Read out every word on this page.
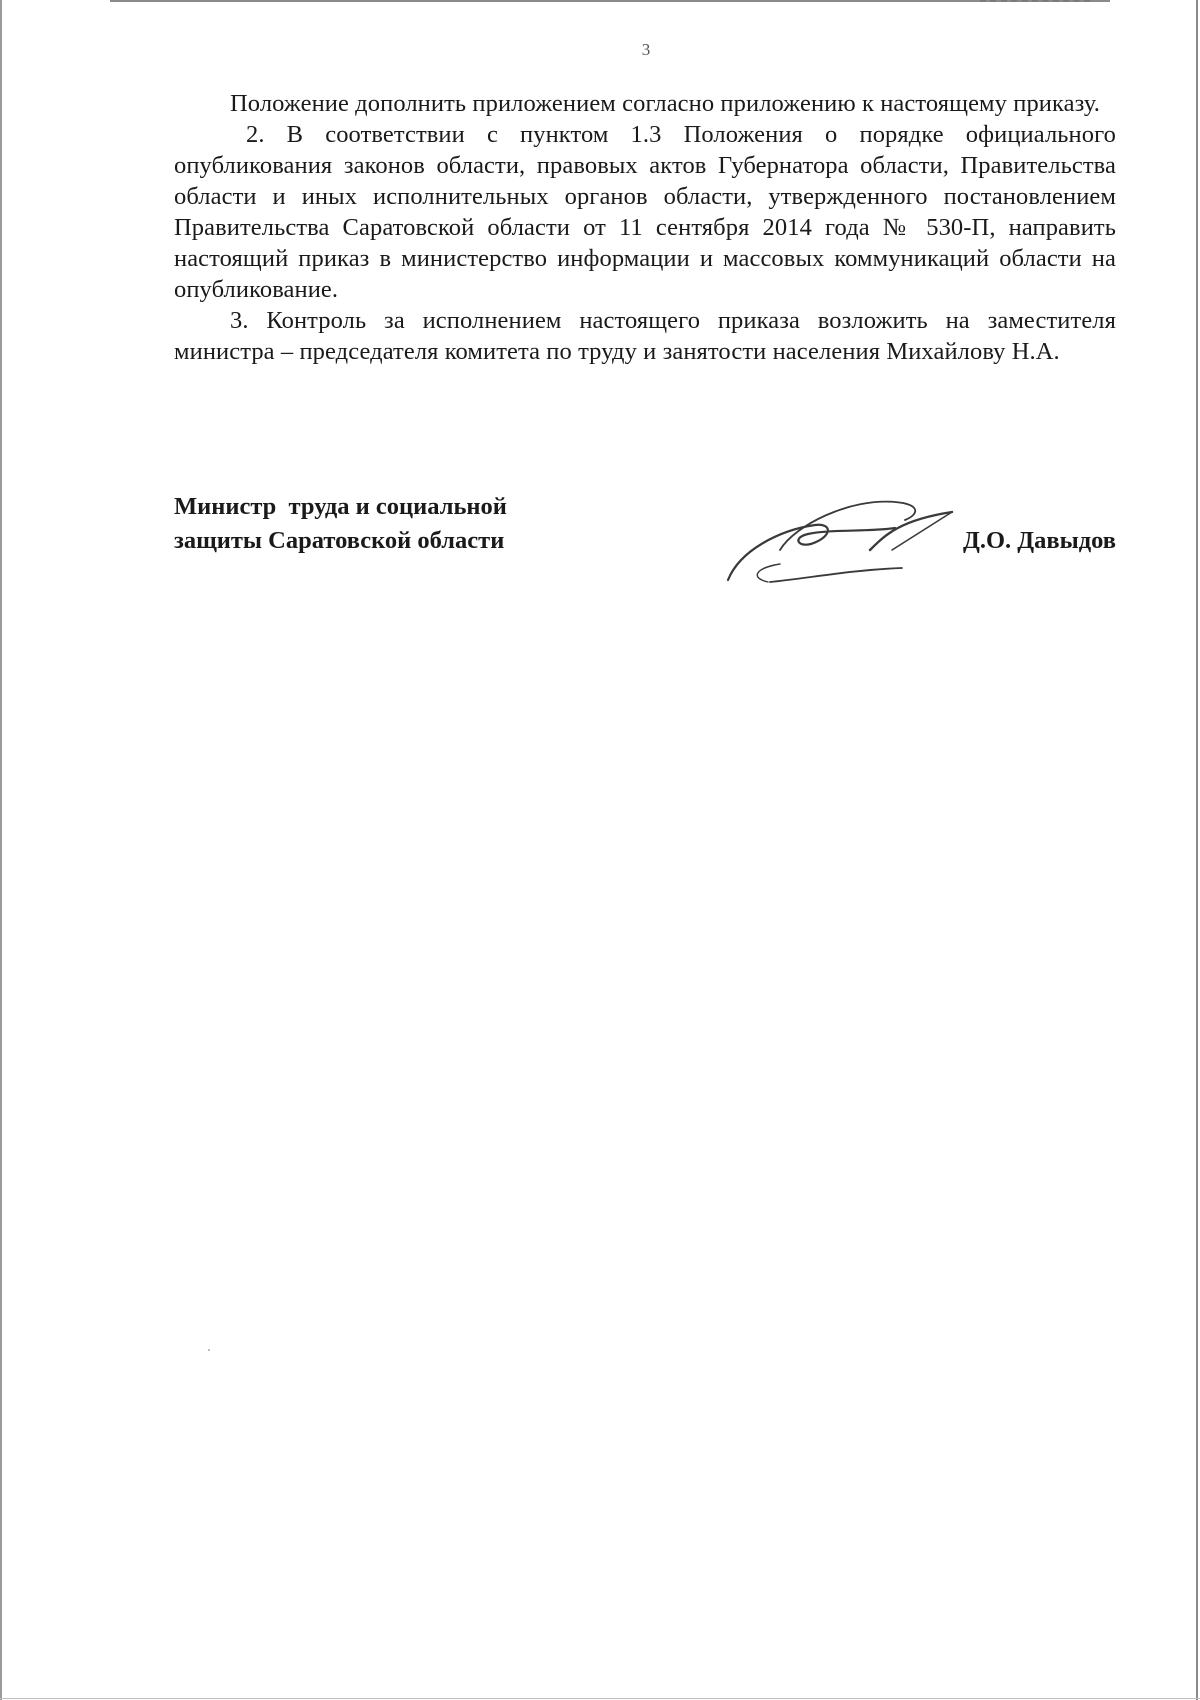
3

Положение дополнить приложением согласно приложению к настоящему приказу.

2. В соответствии с пунктом 1.3 Положения о порядке официального опубликования законов области, правовых актов Губернатора области, Правительства области и иных исполнительных органов области, утвержденного постановлением Правительства Саратовской области от 11 сентября 2014 года № 530-П, направить настоящий приказ в министерство информации и массовых коммуникаций области на опубликование.

3. Контроль за исполнением настоящего приказа возложить на заместителя министра – председателя комитета по труду и занятости населения Михайлову Н.А.

Министр  труда и социальной
защиты Саратовской области	Д.О. Давыдов
